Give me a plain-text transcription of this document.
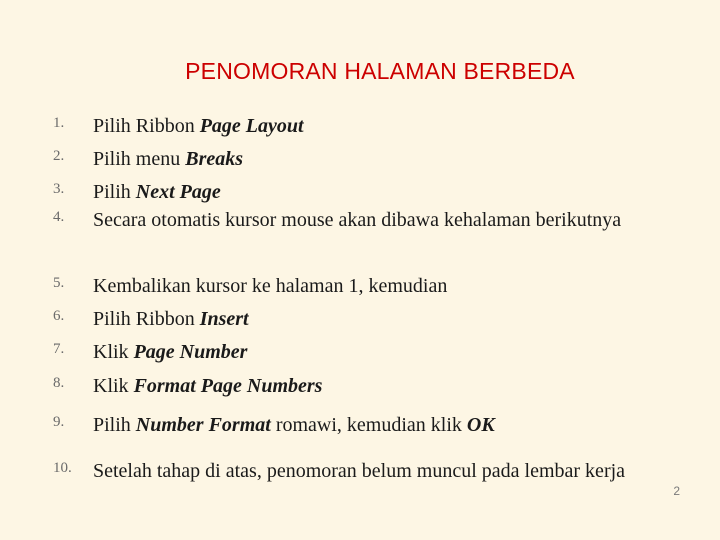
PENOMORAN HALAMAN BERBEDA
1. Pilih Ribbon Page Layout
2. Pilih menu Breaks
3. Pilih Next Page
4. Secara otomatis kursor mouse akan dibawa kehalaman berikutnya
5. Kembalikan kursor ke halaman 1, kemudian
6. Pilih Ribbon Insert
7. Klik Page Number
8. Klik Format Page Numbers
9. Pilih Number Format romawi, kemudian klik OK
10. Setelah tahap di atas, penomoran belum muncul pada lembar kerja
2
